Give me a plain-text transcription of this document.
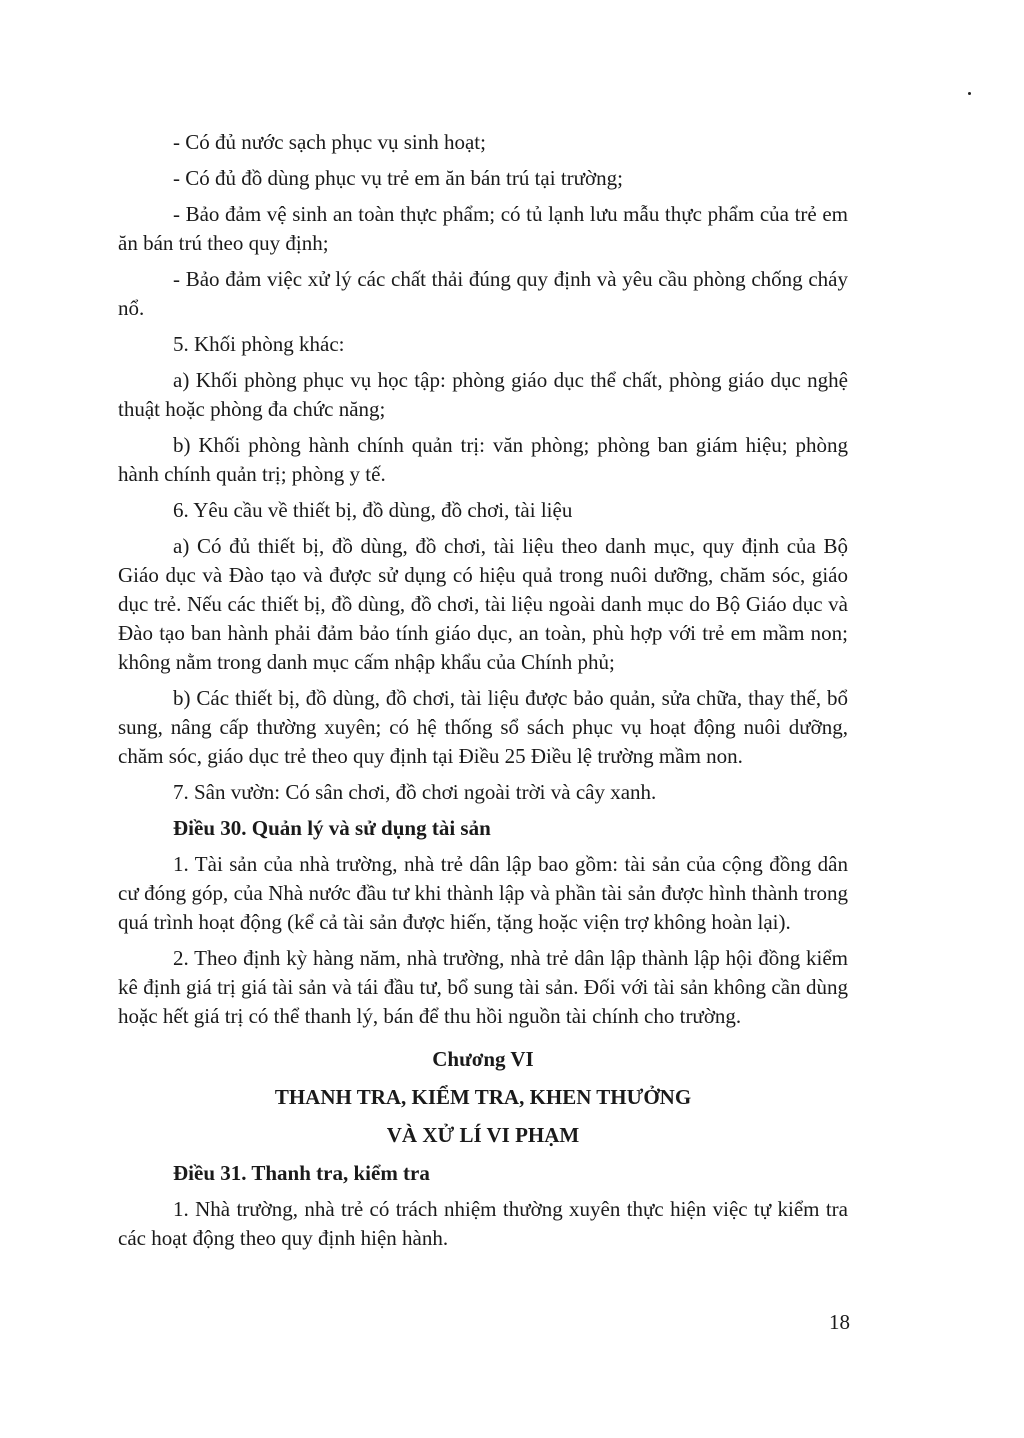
- Có đủ nước sạch phục vụ sinh hoạt;

- Có đủ đồ dùng phục vụ trẻ em ăn bán trú tại trường;

- Bảo đảm vệ sinh an toàn thực phẩm; có tủ lạnh lưu mẫu thực phẩm của trẻ em ăn bán trú theo quy định;

- Bảo đảm việc xử lý các chất thải đúng quy định và yêu cầu phòng chống cháy nổ.

5. Khối phòng khác:

a) Khối phòng phục vụ học tập: phòng giáo dục thể chất, phòng giáo dục nghệ thuật hoặc phòng đa chức năng;

b) Khối phòng hành chính quản trị: văn phòng; phòng ban giám hiệu; phòng hành chính quản trị; phòng y tế.

6. Yêu cầu về thiết bị, đồ dùng, đồ chơi, tài liệu

a) Có đủ thiết bị, đồ dùng, đồ chơi, tài liệu theo danh mục, quy định của Bộ Giáo dục và Đào tạo và được sử dụng có hiệu quả trong nuôi dưỡng, chăm sóc, giáo dục trẻ. Nếu các thiết bị, đồ dùng, đồ chơi, tài liệu ngoài danh mục do Bộ Giáo dục và Đào tạo ban hành phải đảm bảo tính giáo dục, an toàn, phù hợp với trẻ em mầm non; không nằm trong danh mục cấm nhập khẩu của Chính phủ;

b) Các thiết bị, đồ dùng, đồ chơi, tài liệu được bảo quản, sửa chữa, thay thế, bổ sung, nâng cấp thường xuyên; có hệ thống sổ sách phục vụ hoạt động nuôi dưỡng, chăm sóc, giáo dục trẻ theo quy định tại Điều 25 Điều lệ trường mầm non.

7. Sân vườn: Có sân chơi, đồ chơi ngoài trời và cây xanh.

Điều 30. Quản lý và sử dụng tài sản

1. Tài sản của nhà trường, nhà trẻ dân lập bao gồm: tài sản của cộng đồng dân cư đóng góp, của Nhà nước đầu tư khi thành lập và phần tài sản được hình thành trong quá trình hoạt động (kể cả tài sản được hiến, tặng hoặc viện trợ không hoàn lại).

2. Theo định kỳ hàng năm, nhà trường, nhà trẻ dân lập thành lập hội đồng kiểm kê định giá trị giá tài sản và tái đầu tư, bổ sung tài sản. Đối với tài sản không cần dùng hoặc hết giá trị có thể thanh lý, bán để thu hồi nguồn tài chính cho trường.

Chương VI

THANH TRA, KIỂM TRA, KHEN THƯỞNG

VÀ XỬ LÍ VI PHẠM

Điều 31. Thanh tra, kiểm tra

1. Nhà trường, nhà trẻ có trách nhiệm thường xuyên thực hiện việc tự kiểm tra các hoạt động theo quy định hiện hành.

18
